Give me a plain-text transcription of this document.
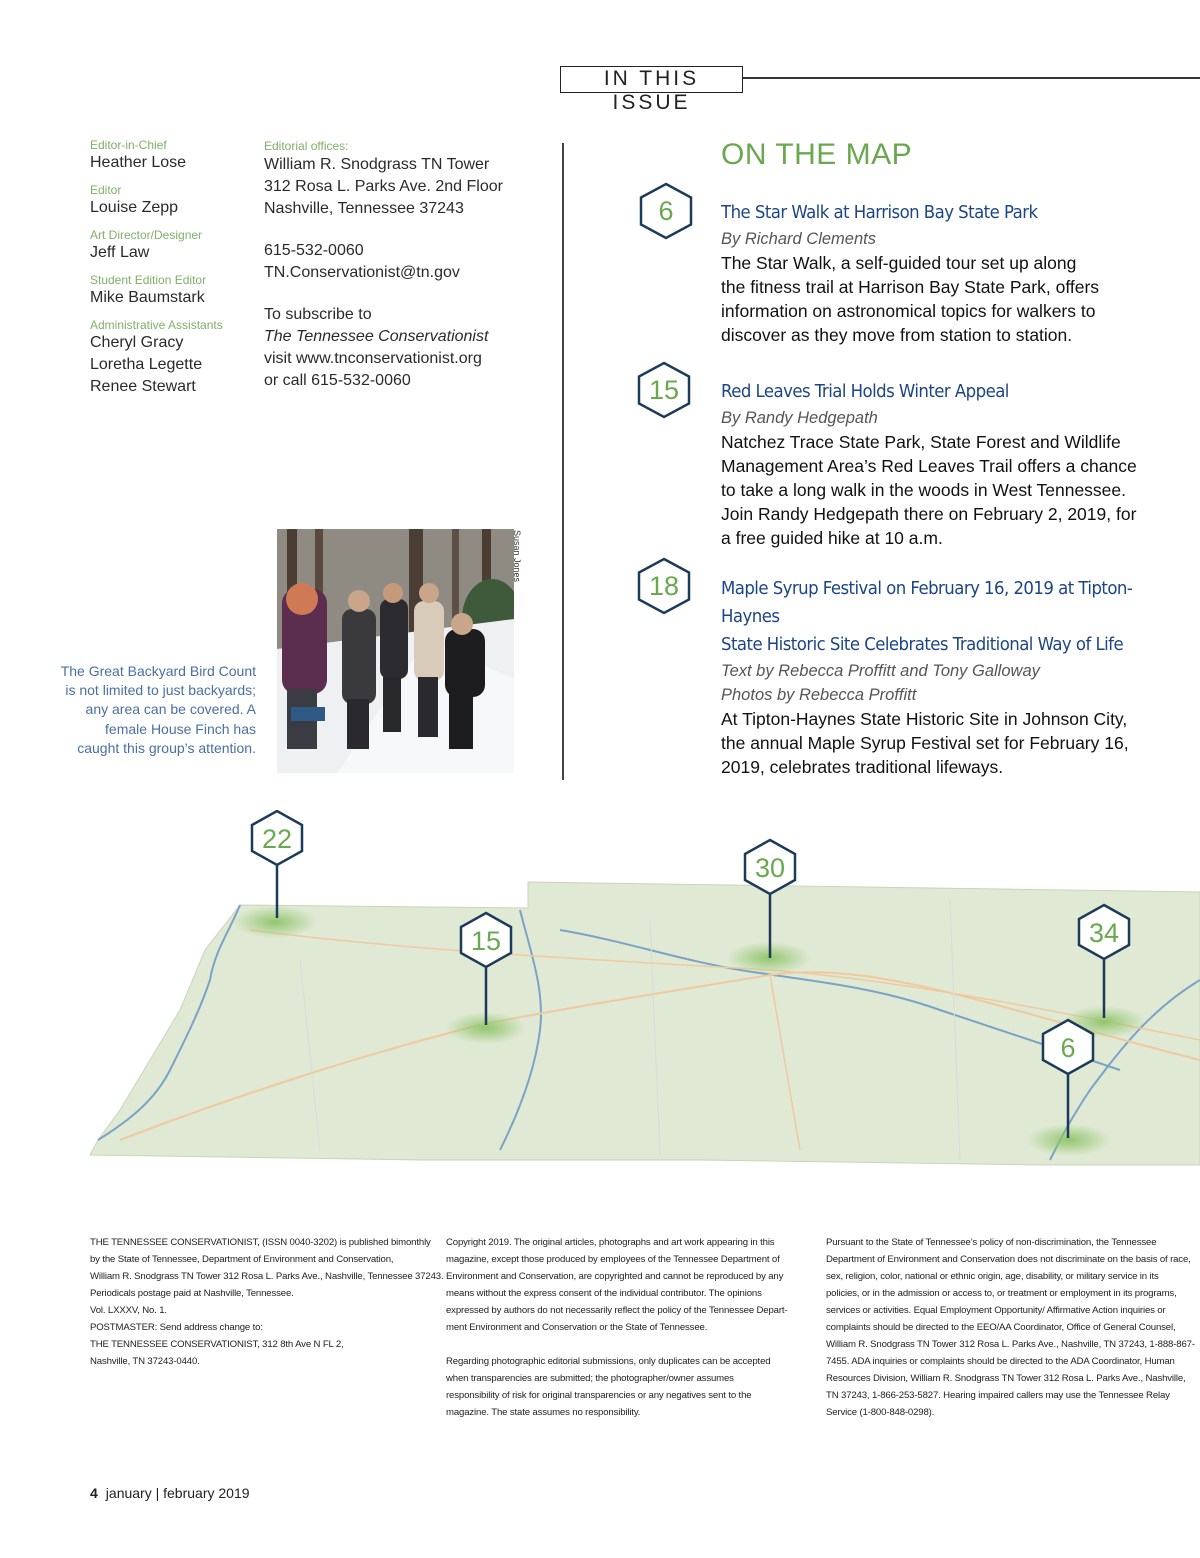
IN THIS ISSUE
Editor-in-Chief
Heather Lose
Editor
Louise Zepp
Art Director/Designer
Jeff Law
Student Edition Editor
Mike Baumstark
Administrative Assistants
Cheryl Gracy
Loretha Legette
Renee Stewart
Editorial offices:
William R. Snodgrass TN Tower
312 Rosa L. Parks Ave. 2nd Floor
Nashville, Tennessee 37243
615-532-0060
TN.Conservationist@tn.gov
To subscribe to
The Tennessee Conservationist
visit www.tnconservationist.org
or call 615-532-0060
Susan Jones
The Great Backyard Bird Count is not limited to just backyards; any area can be covered. A female House Finch has caught this group’s attention.
ON THE MAP
6	The Star Walk at Harrison Bay State Park
By Richard Clements
The Star Walk, a self-guided tour set up along
the fitness trail at Harrison Bay State Park, offers
information on astronomical topics for walkers to
discover as they move from station to station.
15	Red Leaves Trial Holds Winter Appeal
By Randy Hedgepath
Natchez Trace State Park, State Forest and Wildlife
Management Area’s Red Leaves Trail offers a chance
to take a long walk in the woods in West Tennessee.
Join Randy Hedgepath there on February 2, 2019, for
a free guided hike at 10 a.m.
18	Maple Syrup Festival on February 16, 2019 at Tipton-Haynes
State Historic Site Celebrates Traditional Way of Life
Text by Rebecca Proffitt and Tony Galloway
Photos by Rebecca Proffitt
At Tipton-Haynes State Historic Site in Johnson City,
the annual Maple Syrup Festival set for February 16,
2019, celebrates traditional lifeways.
22
15
30
34
6

THE TENNESSEE CONSERVATIONIST, (ISSN 0040-3202) is published bimonthly
by the State of Tennessee, Department of Environment and Conservation,
William R. Snodgrass TN Tower 312 Rosa L. Parks Ave., Nashville, Tennessee 37243.
Periodicals postage paid at Nashville, Tennessee.
Vol. LXXXV, No. 1.
POSTMASTER: Send address change to:
THE TENNESSEE CONSERVATIONIST, 312 8th Ave N FL 2,
Nashville, TN 37243-0440.

Copyright 2019. The original articles, photographs and art work appearing in this
magazine, except those produced by employees of the Tennessee Department of
Environment and Conservation, are copyrighted and cannot be reproduced by any
means without the express consent of the individual contributor. The opinions
expressed by authors do not necessarily reflect the policy of the Tennessee Depart-
ment Environment and Conservation or the State of Tennessee.

Regarding photographic editorial submissions, only duplicates can be accepted
when transparencies are submitted; the photographer/owner assumes
responsibility of risk for original transparencies or any negatives sent to the
magazine. The state assumes no responsibility.

Pursuant to the State of Tennessee’s policy of non-discrimination, the Tennessee
Department of Environment and Conservation does not discriminate on the basis of race,
sex, religion, color, national or ethnic origin, age, disability, or military service in its
policies, or in the admission or access to, or treatment or employment in its programs,
services or activities. Equal Employment Opportunity/ Affirmative Action inquiries or
complaints should be directed to the EEO/AA Coordinator, Office of General Counsel,
William R. Snodgrass TN Tower 312 Rosa L. Parks Ave., Nashville, TN 37243, 1-888-867-
7455. ADA inquiries or complaints should be directed to the ADA Coordinator, Human
Resources Division, William R. Snodgrass TN Tower 312 Rosa L. Parks Ave., Nashville,
TN 37243, 1-866-253-5827. Hearing impaired callers may use the Tennessee Relay
Service (1-800-848-0298).

4 january | february 2019
